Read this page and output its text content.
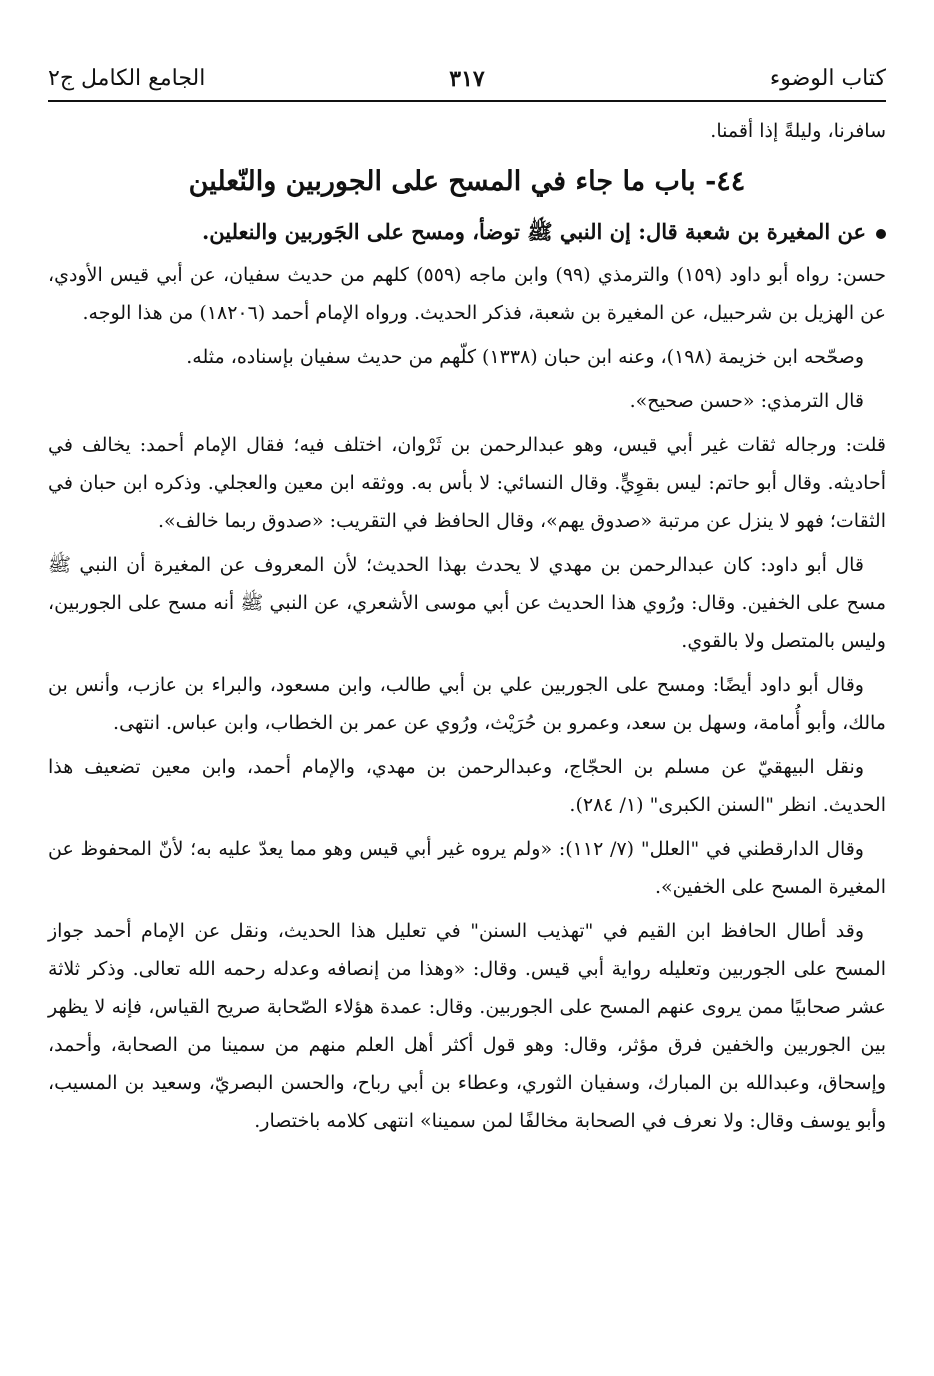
كتاب الوضوء
٣١٧
الجامع الكامل ج٢

سافرنا، وليلةً إذا أقمنا.

٤٤- باب ما جاء في المسح على الجوربين والنّعلين

عن المغيرة بن شعبة قال: إن النبي ﷺ توضأ، ومسح على الجَوربين والنعلين.

حسن: رواه أبو داود (١٥٩) والترمذي (٩٩) وابن ماجه (٥٥٩) كلهم من حديث سفيان، عن أبي قيس الأودي، عن الهزيل بن شرحبيل، عن المغيرة بن شعبة، فذكر الحديث. ورواه الإمام أحمد (١٨٢٠٦) من هذا الوجه.

وصحّحه ابن خزيمة (١٩٨)، وعنه ابن حبان (١٣٣٨) كلّهم من حديث سفيان بإسناده، مثله.

قال الترمذي: «حسن صحيح».

قلت: ورجاله ثقات غير أبي قيس، وهو عبدالرحمن بن ثَرْوان، اختلف فيه؛ فقال الإمام أحمد: يخالف في أحاديثه. وقال أبو حاتم: ليس بقوِيٍّ. وقال النسائي: لا بأس به. ووثقه ابن معين والعجلي. وذكره ابن حبان في الثقات؛ فهو لا ينزل عن مرتبة «صدوق يهم»، وقال الحافظ في التقريب: «صدوق ربما خالف».

قال أبو داود: كان عبدالرحمن بن مهدي لا يحدث بهذا الحديث؛ لأن المعروف عن المغيرة أن النبي ﷺ مسح على الخفين. وقال: ورُوي هذا الحديث عن أبي موسى الأشعري، عن النبي ﷺ أنه مسح على الجوربين، وليس بالمتصل ولا بالقوي.

وقال أبو داود أيضًا: ومسح على الجوربين علي بن أبي طالب، وابن مسعود، والبراء بن عازب، وأنس بن مالك، وأبو أُمامة، وسهل بن سعد، وعمرو بن حُرَيْث، ورُوي عن عمر بن الخطاب، وابن عباس. انتهى.

ونقل البيهقيّ عن مسلم بن الحجّاج، وعبدالرحمن بن مهدي، والإمام أحمد، وابن معين تضعيف هذا الحديث. انظر "السنن الكبرى" (١/ ٢٨٤).

وقال الدارقطني في "العلل" (٧/ ١١٢): «ولم يروه غير أبي قيس وهو مما يعدّ عليه به؛ لأنّ المحفوظ عن المغيرة المسح على الخفين».

وقد أطال الحافظ ابن القيم في "تهذيب السنن" في تعليل هذا الحديث، ونقل عن الإمام أحمد جواز المسح على الجوربين وتعليله رواية أبي قيس. وقال: «وهذا من إنصافه وعدله رحمه الله تعالى. وذكر ثلاثة عشر صحابيًا ممن يروى عنهم المسح على الجوربين. وقال: عمدة هؤلاء الصّحابة صريح القياس، فإنه لا يظهر بين الجوربين والخفين فرق مؤثر، وقال: وهو قول أكثر أهل العلم منهم من سمينا من الصحابة، وأحمد، وإسحاق، وعبدالله بن المبارك، وسفيان الثوري، وعطاء بن أبي رباح، والحسن البصريّ، وسعيد بن المسيب، وأبو يوسف وقال: ولا نعرف في الصحابة مخالفًا لمن سمينا» انتهى كلامه باختصار.
